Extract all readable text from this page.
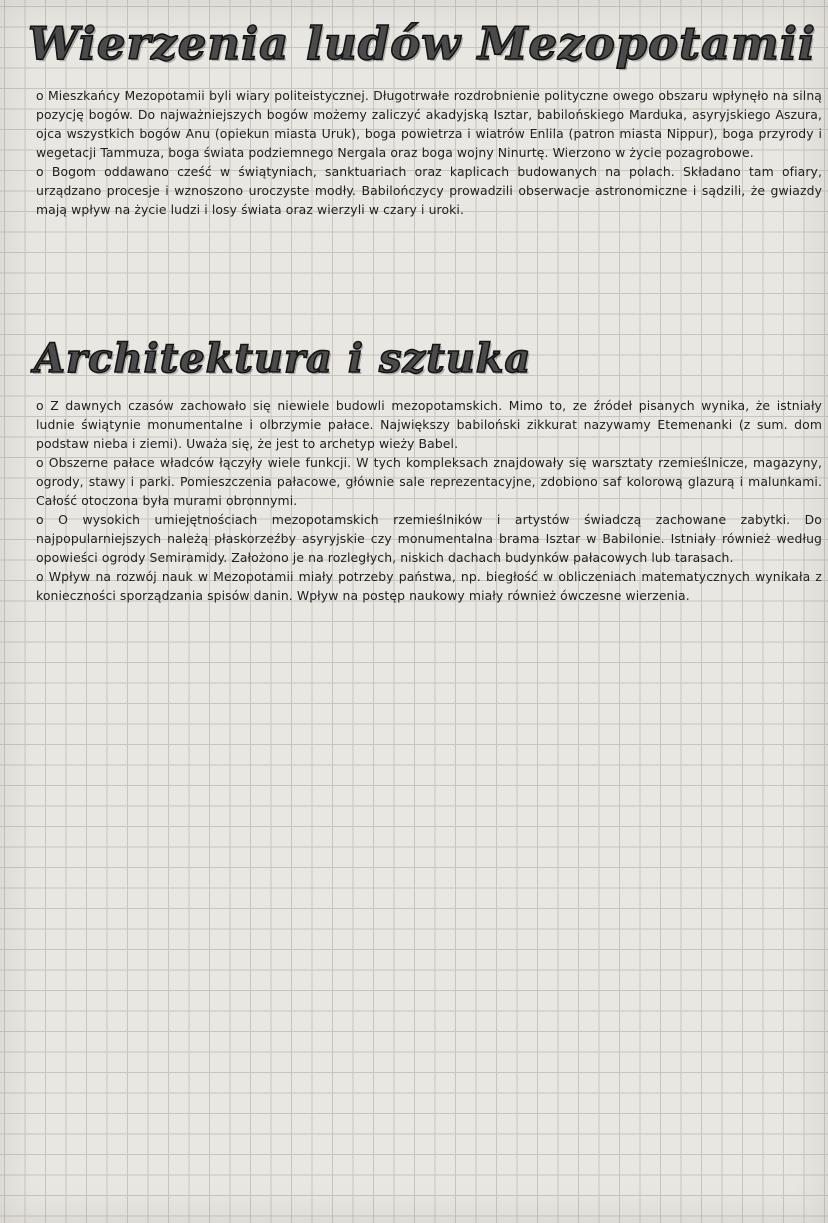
Wierzenia ludów Mezopotamii

o Mieszkańcy Mezopotamii byli wiary politeistycznej. Długotrwałe rozdrobnienie polityczne owego obszaru wpłynęło na silną pozycję bogów. Do najważniejszych bogów możemy zaliczyć akadyjską Isztar, babilońskiego Marduka, asyryjskiego Aszura, ojca wszystkich bogów Anu (opiekun miasta Uruk), boga powietrza i wiatrów Enlila (patron miasta Nippur), boga przyrody i wegetacji Tammuza, boga świata podziemnego Nergala oraz boga wojny Ninurtę. Wierzono w życie pozagrobowe.

o Bogom oddawano cześć w świątyniach, sanktuariach oraz kaplicach budowanych na polach. Składano tam ofiary, urządzano procesje i wznoszono uroczyste modły. Babilończycy prowadzili obserwacje astronomiczne i sądzili, że gwiazdy mają wpływ na życie ludzi i losy świata oraz wierzyli w czary i uroki.

Architektura i sztuka

o Z dawnych czasów zachowało się niewiele budowli mezopotamskich. Mimo to, ze źródeł pisanych wynika, że istniały ludnie świątynie monumentalne i olbrzymie pałace. Największy babiloński zikkurat nazywamy Etemenanki (z sum. dom podstaw nieba i ziemi). Uważa się, że jest to archetyp wieży Babel.

o Obszerne pałace władców łączyły wiele funkcji. W tych kompleksach znajdowały się warsztaty rzemieślnicze, magazyny, ogrody, stawy i parki. Pomieszczenia pałacowe, głównie sale reprezentacyjne, zdobiono saf kolorową glazurą i malunkami. Całość otoczona była murami obronnymi.

o O wysokich umiejętnościach mezopotamskich rzemieślników i artystów świadczą zachowane zabytki. Do najpopularniejszych należą płaskorzeźby asyryjskie czy monumentalna brama Isztar w Babilonie. Istniały również według opowieści ogrody Semiramidy. Założono je na rozległych, niskich dachach budynków pałacowych lub tarasach.

o Wpływ na rozwój nauk w Mezopotamii miały potrzeby państwa, np. biegłość w obliczeniach matematycznych wynikała z konieczności sporządzania spisów danin. Wpływ na postęp naukowy miały również ówczesne wierzenia.
